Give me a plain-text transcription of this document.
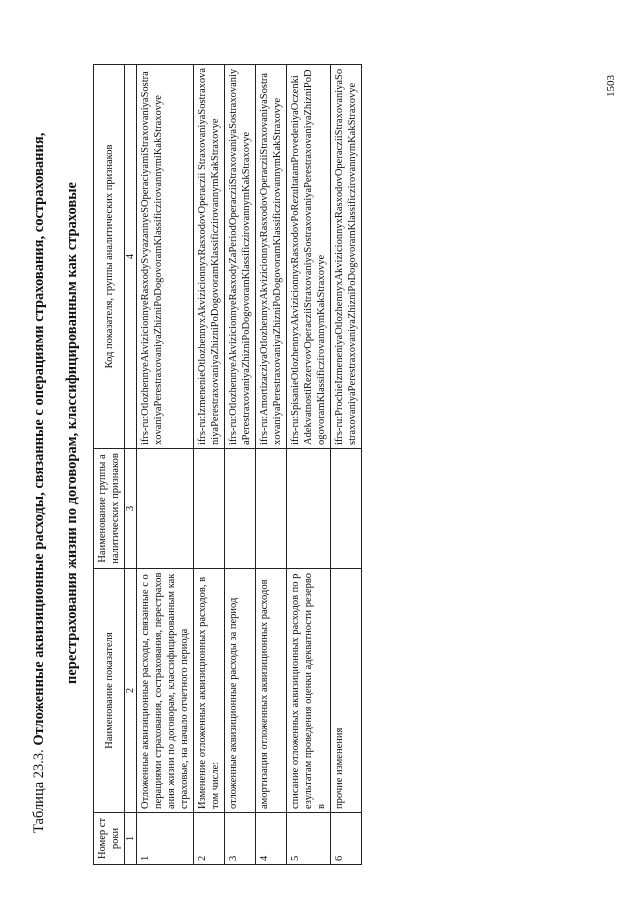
Таблица 23.3. Отложенные аквизиционные расходы, связанные с операциями страхования, сострахования, перестрахования жизни по договорам, классифицированным как страховые
Номер строки	Наименование показателя	Наименование группы аналитических признаков	Код показателя, группы аналитических признаков
1	2	3	4
1	Отложенные аквизиционные расходы, связанные с операциями страхования, сострахования, перестрахования жизни по договорам, классифицированным как страховые, на начало отчетного периода		ifrs-ru:OtlozhennyeAkvizicionnyeRasxodySvyazannyeSOperaciyamiStraxovaniyaSostraxovaniyaPerestraxovaniyaZhizniPoDogovoramKlassificzirovannymiKakStraxovye
2	Изменение отложенных аквизиционных расходов, в том числе:		ifrs-ru:IzmenenieOtlozhennyxAkvizicionnyxRasxodovOperaczii StraxovaniyaSostraxovaniyaPerestraxovaniyaZhizniPoDogovoramKlassificzirovannymKakStraxovye
3	отложенные аквизиционные расходы за период		ifrs-ru:OtlozhennyeAkvizicionnyeRasxodyZaPeriodOperacziiStraxovaniyaSostraxovaniyaPerestraxovaniyaZhizniPoDogovoramKlassificzirovannymKakStraxovye
4	амортизация отложенных аквизиционных расходов		ifrs-ru:AmortizacziyaOtlozhennyxAkvizicionnyxRasxodovOperacziiStraxovaniyaSostraxovaniyaPerestraxovaniyaZhizniPoDogovoramKlassificzirovannymKakStraxovye
5	списание отложенных аквизиционных расходов по результатам проведения оценки адекватности резервов		ifrs-ru:SpisanieOtlozhennyxAkvizicionnyxRasxodovPoRezultatamProvedeniyaOczenkiAdekvatnostiRezervovOperacziiStraxovaniyaSostraxovaniyaPerestraxovaniyaZhizniPoDogovoramKlassificzirovannymKakStraxovye
6	прочие изменения		ifrs-ru:ProchieIzmeneniyaOtlozhennyxAkvizicionnyxRasxodovOperacziiStraxovaniyaSostraxovaniyaPerestraxovaniyaZhizniPoDogovoramKlassificzirovannymKakStraxovye	1503
